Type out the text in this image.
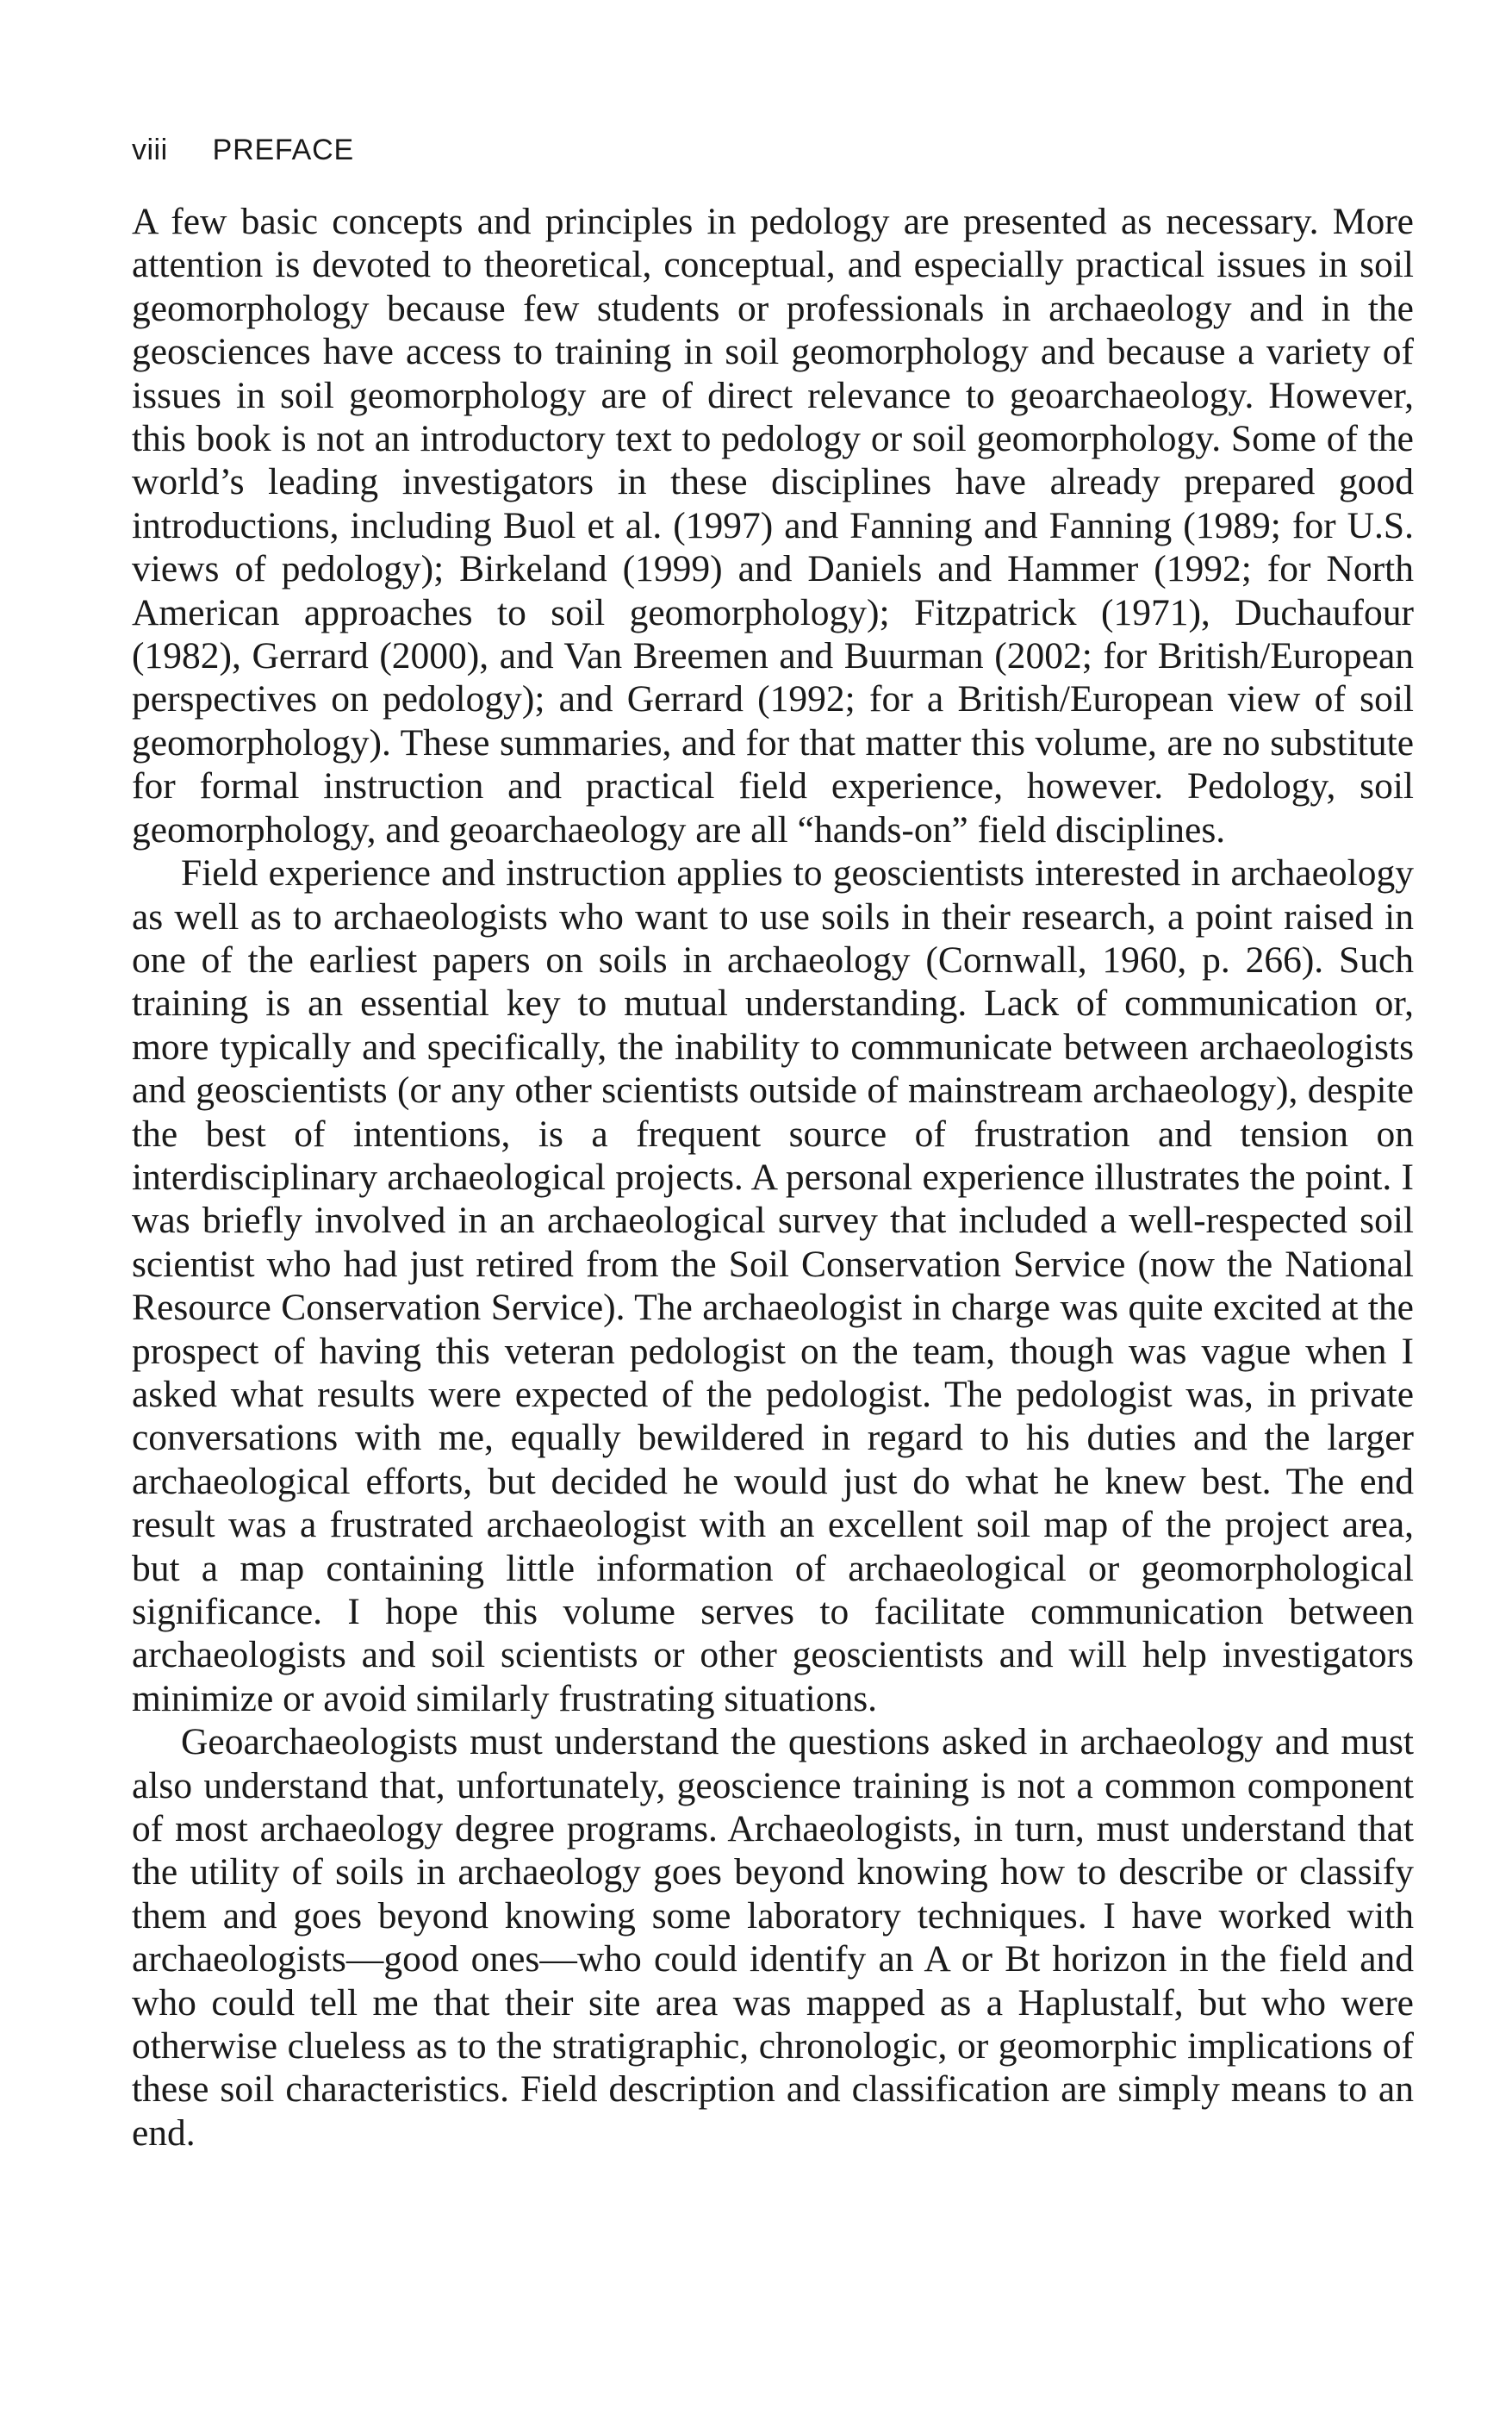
viii PREFACE

A few basic concepts and principles in pedology are presented as necessary. More attention is devoted to theoretical, conceptual, and especially practical issues in soil geomorphology because few students or professionals in archaeology and in the geosciences have access to training in soil geomorphology and because a variety of issues in soil geomorphology are of direct relevance to geoarchaeology. However, this book is not an introductory text to pedology or soil geomorphology. Some of the world’s leading investigators in these disciplines have already prepared good introductions, including Buol et al. (1997) and Fanning and Fanning (1989; for U.S. views of pedology); Birkeland (1999) and Daniels and Hammer (1992; for North American approaches to soil geomorphology); Fitzpatrick (1971), Duchaufour (1982), Gerrard (2000), and Van Breemen and Buurman (2002; for British/European perspectives on pedology); and Gerrard (1992; for a British/European view of soil geomorphology). These summaries, and for that matter this volume, are no substitute for formal instruction and practical field experience, however. Pedology, soil geomorphology, and geoarchaeology are all “hands-on” field disciplines.

Field experience and instruction applies to geoscientists interested in archaeology as well as to archaeologists who want to use soils in their research, a point raised in one of the earliest papers on soils in archaeology (Cornwall, 1960, p. 266). Such training is an essential key to mutual understanding. Lack of communication or, more typically and specifically, the inability to communicate between archaeologists and geoscientists (or any other scientists outside of mainstream archaeology), despite the best of intentions, is a frequent source of frustration and tension on interdisciplinary archaeological projects. A personal experience illustrates the point. I was briefly involved in an archaeological survey that included a well-respected soil scientist who had just retired from the Soil Conservation Service (now the National Resource Conservation Service). The archaeologist in charge was quite excited at the prospect of having this veteran pedologist on the team, though was vague when I asked what results were expected of the pedologist. The pedologist was, in private conversations with me, equally bewildered in regard to his duties and the larger archaeological efforts, but decided he would just do what he knew best. The end result was a frustrated archaeologist with an excellent soil map of the project area, but a map containing little information of archaeological or geomorphological significance. I hope this volume serves to facilitate communication between archaeologists and soil scientists or other geoscientists and will help investigators minimize or avoid similarly frustrating situations.

Geoarchaeologists must understand the questions asked in archaeology and must also understand that, unfortunately, geoscience training is not a common component of most archaeology degree programs. Archaeologists, in turn, must understand that the utility of soils in archaeology goes beyond knowing how to describe or classify them and goes beyond knowing some laboratory techniques. I have worked with archaeologists—good ones—who could identify an A or Bt horizon in the field and who could tell me that their site area was mapped as a Haplustalf, but who were otherwise clueless as to the stratigraphic, chronologic, or geomorphic implications of these soil characteristics. Field description and classification are simply means to an end.
